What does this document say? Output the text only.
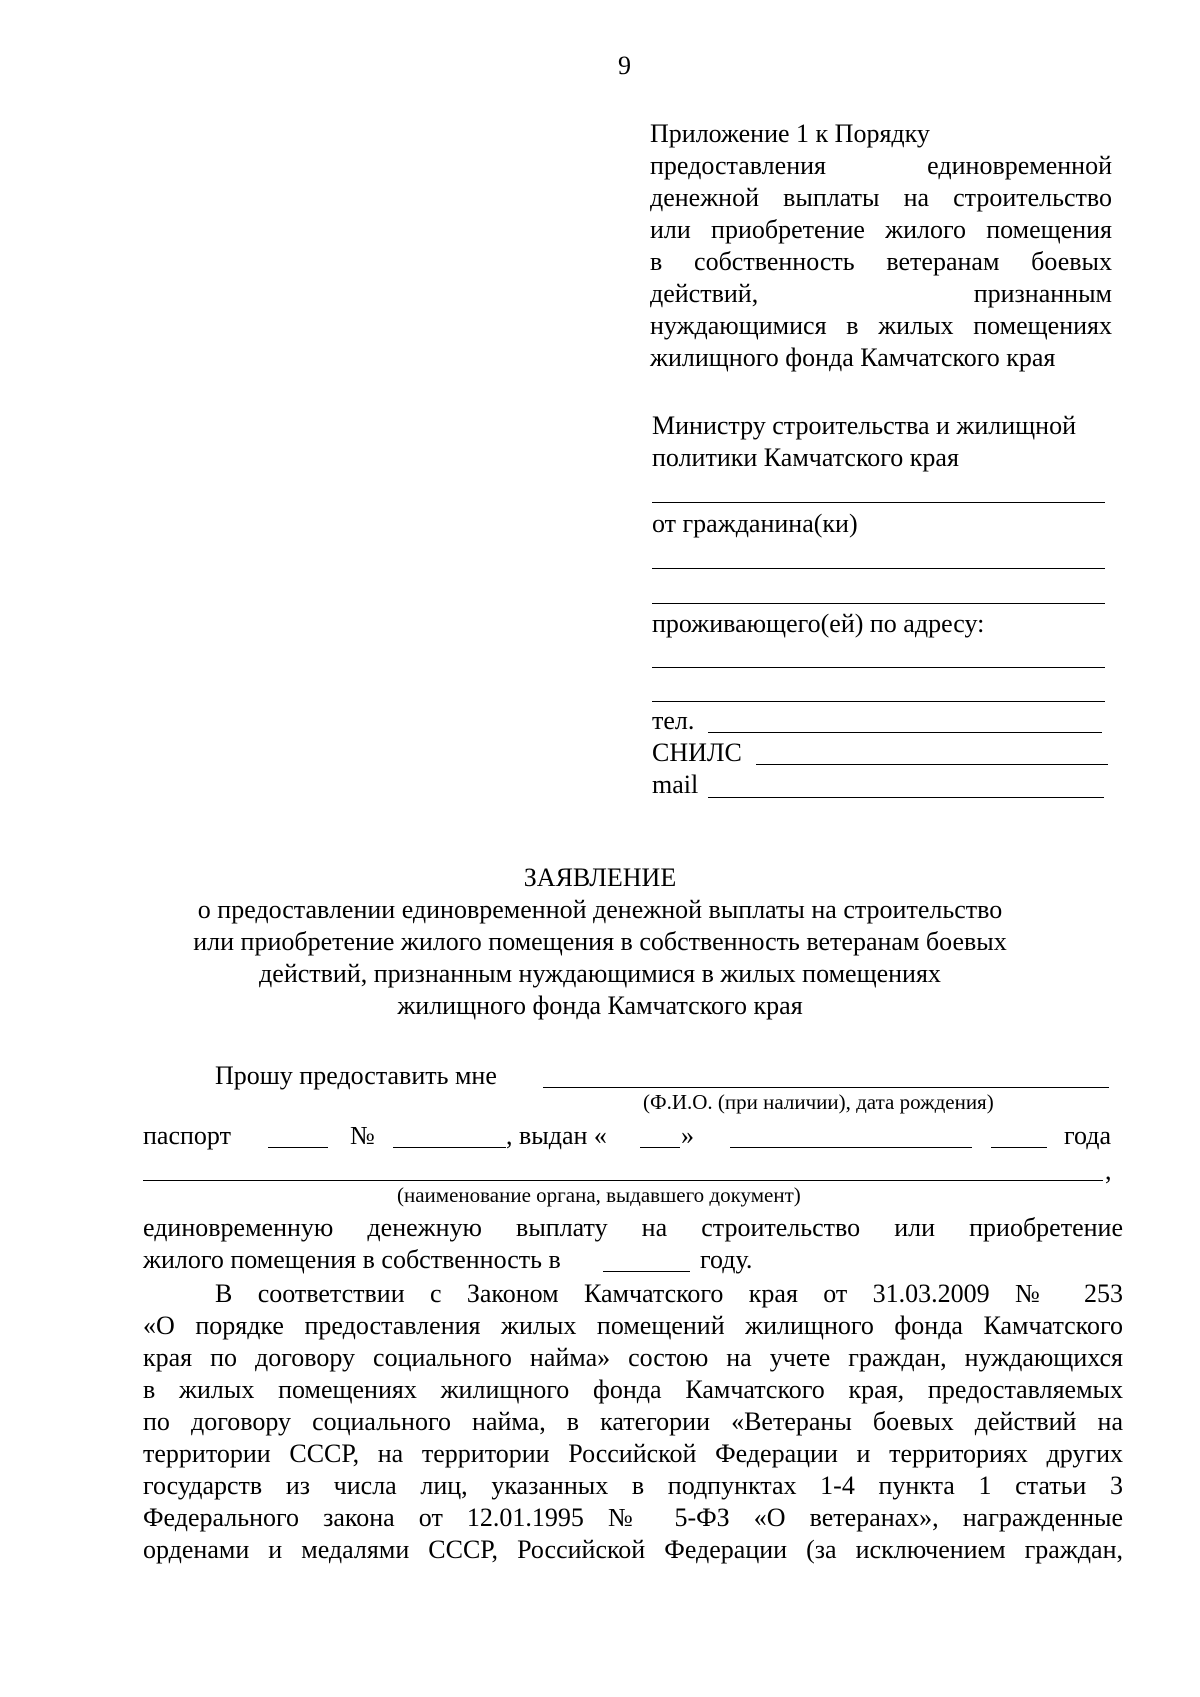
9
Приложение 1 к Порядку
предоставления единовременной
денежной выплаты на строительство
или приобретение жилого помещения
в собственность ветеранам боевых
действий, признанным
нуждающимися в жилых помещениях
жилищного фонда Камчатского края
Министру строительства и жилищной
политики Камчатского края
от гражданина(ки)
проживающего(ей) по адресу:
тел.
СНИЛС
mail
ЗАЯВЛЕНИЕ
о предоставлении единовременной денежной выплаты на строительство
или приобретение жилого помещения в собственность ветеранам боевых
действий, признанным нуждающимися в жилых помещениях
жилищного фонда Камчатского края
Прошу предоставить мне
(Ф.И.О. (при наличии), дата рождения)
паспорт	№	, выдан «	»	года
,
(наименование органа, выдавшего документ)
единовременную денежную выплату на строительство или приобретение
жилого помещения в собственность в	году.
В соответствии с Законом Камчатского края от 31.03.2009 № 253
«О порядке предоставления жилых помещений жилищного фонда Камчатского
края по договору социального найма» состою на учете граждан, нуждающихся
в жилых помещениях жилищного фонда Камчатского края, предоставляемых
по договору социального найма, в категории «Ветераны боевых действий на
территории СССР, на территории Российской Федерации и территориях других
государств из числа лиц, указанных в подпунктах 1-4 пункта 1 статьи 3
Федерального закона от 12.01.1995 № 5-ФЗ «О ветеранах», награжденные
орденами и медалями СССР, Российской Федерации (за исключением граждан,
